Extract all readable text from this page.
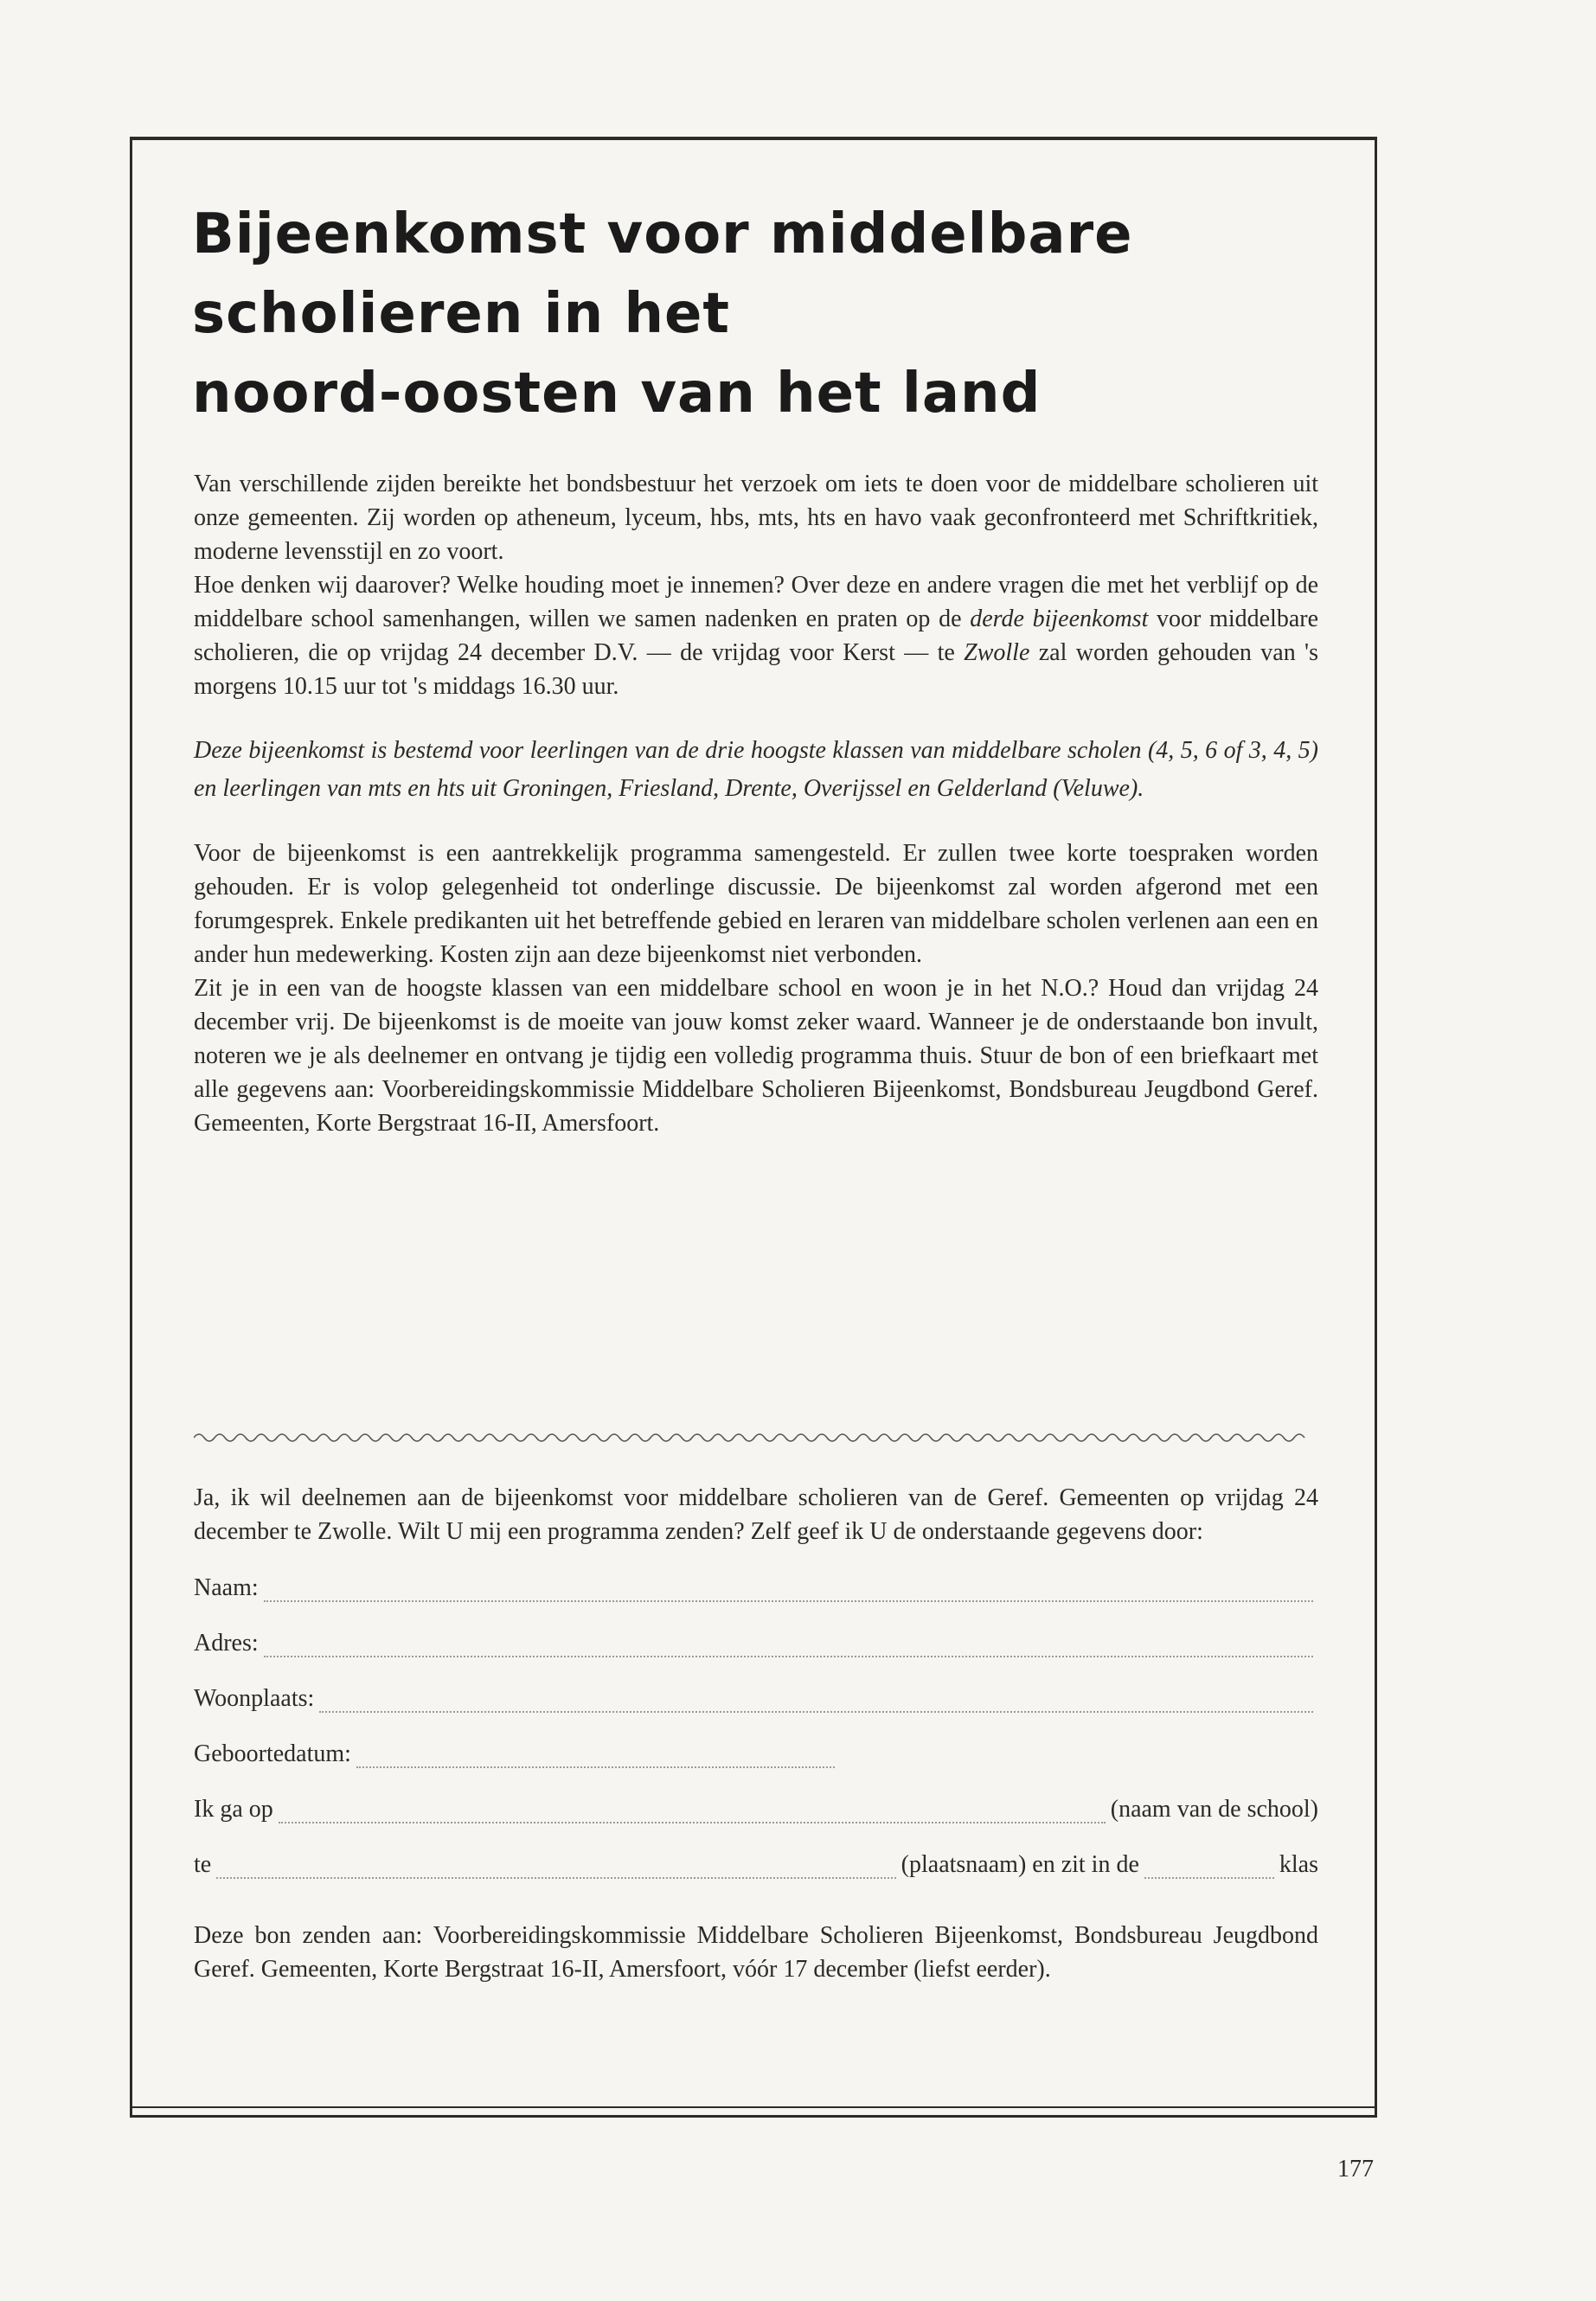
Bijeenkomst voor middelbare
scholieren in het
noord-oosten van het land

Van verschillende zijden bereikte het bondsbestuur het verzoek om iets te doen voor de middelbare scholieren uit onze gemeenten. Zij worden op atheneum, lyceum, hbs, mts, hts en havo vaak geconfronteerd met Schriftkritiek, moderne levensstijl en zo voort.

Hoe denken wij daarover? Welke houding moet je innemen? Over deze en andere vragen die met het verblijf op de middelbare school samenhangen, willen we samen nadenken en praten op de derde bijeenkomst voor middelbare scholieren, die op vrijdag 24 december D.V. — de vrijdag voor Kerst — te Zwolle zal worden gehouden van 's morgens 10.15 uur tot 's middags 16.30 uur.

Deze bijeenkomst is bestemd voor leerlingen van de drie hoogste klassen van middelbare scholen (4, 5, 6 of 3, 4, 5) en leerlingen van mts en hts uit Groningen, Friesland, Drente, Overijssel en Gelderland (Veluwe).

Voor de bijeenkomst is een aantrekkelijk programma samengesteld. Er zullen twee korte toespraken worden gehouden. Er is volop gelegenheid tot onderlinge discussie. De bijeenkomst zal worden afgerond met een forumgesprek. Enkele predikanten uit het betreffende gebied en leraren van middelbare scholen verlenen aan een en ander hun medewerking. Kosten zijn aan deze bijeenkomst niet verbonden.

Zit je in een van de hoogste klassen van een middelbare school en woon je in het N.O.? Houd dan vrijdag 24 december vrij. De bijeenkomst is de moeite van jouw komst zeker waard. Wanneer je de onderstaande bon invult, noteren we je als deelnemer en ontvang je tijdig een volledig programma thuis. Stuur de bon of een briefkaart met alle gegevens aan: Voorbereidingskommissie Middelbare Scholieren Bijeenkomst, Bondsbureau Jeugdbond Geref. Gemeenten, Korte Bergstraat 16-II, Amersfoort.

Ja, ik wil deelnemen aan de bijeenkomst voor middelbare scholieren van de Geref. Gemeenten op vrijdag 24 december te Zwolle. Wilt U mij een programma zenden? Zelf geef ik U de onderstaande gegevens door:

Naam:
Adres:
Woonplaats:
Geboortedatum:
Ik ga op	(naam van de school)
te	(plaatsnaam) en zit in de	klas

Deze bon zenden aan: Voorbereidingskommissie Middelbare Scholieren Bijeenkomst, Bondsbureau Jeugdbond Geref. Gemeenten, Korte Bergstraat 16-II, Amersfoort, vóór 17 december (liefst eerder).

177
